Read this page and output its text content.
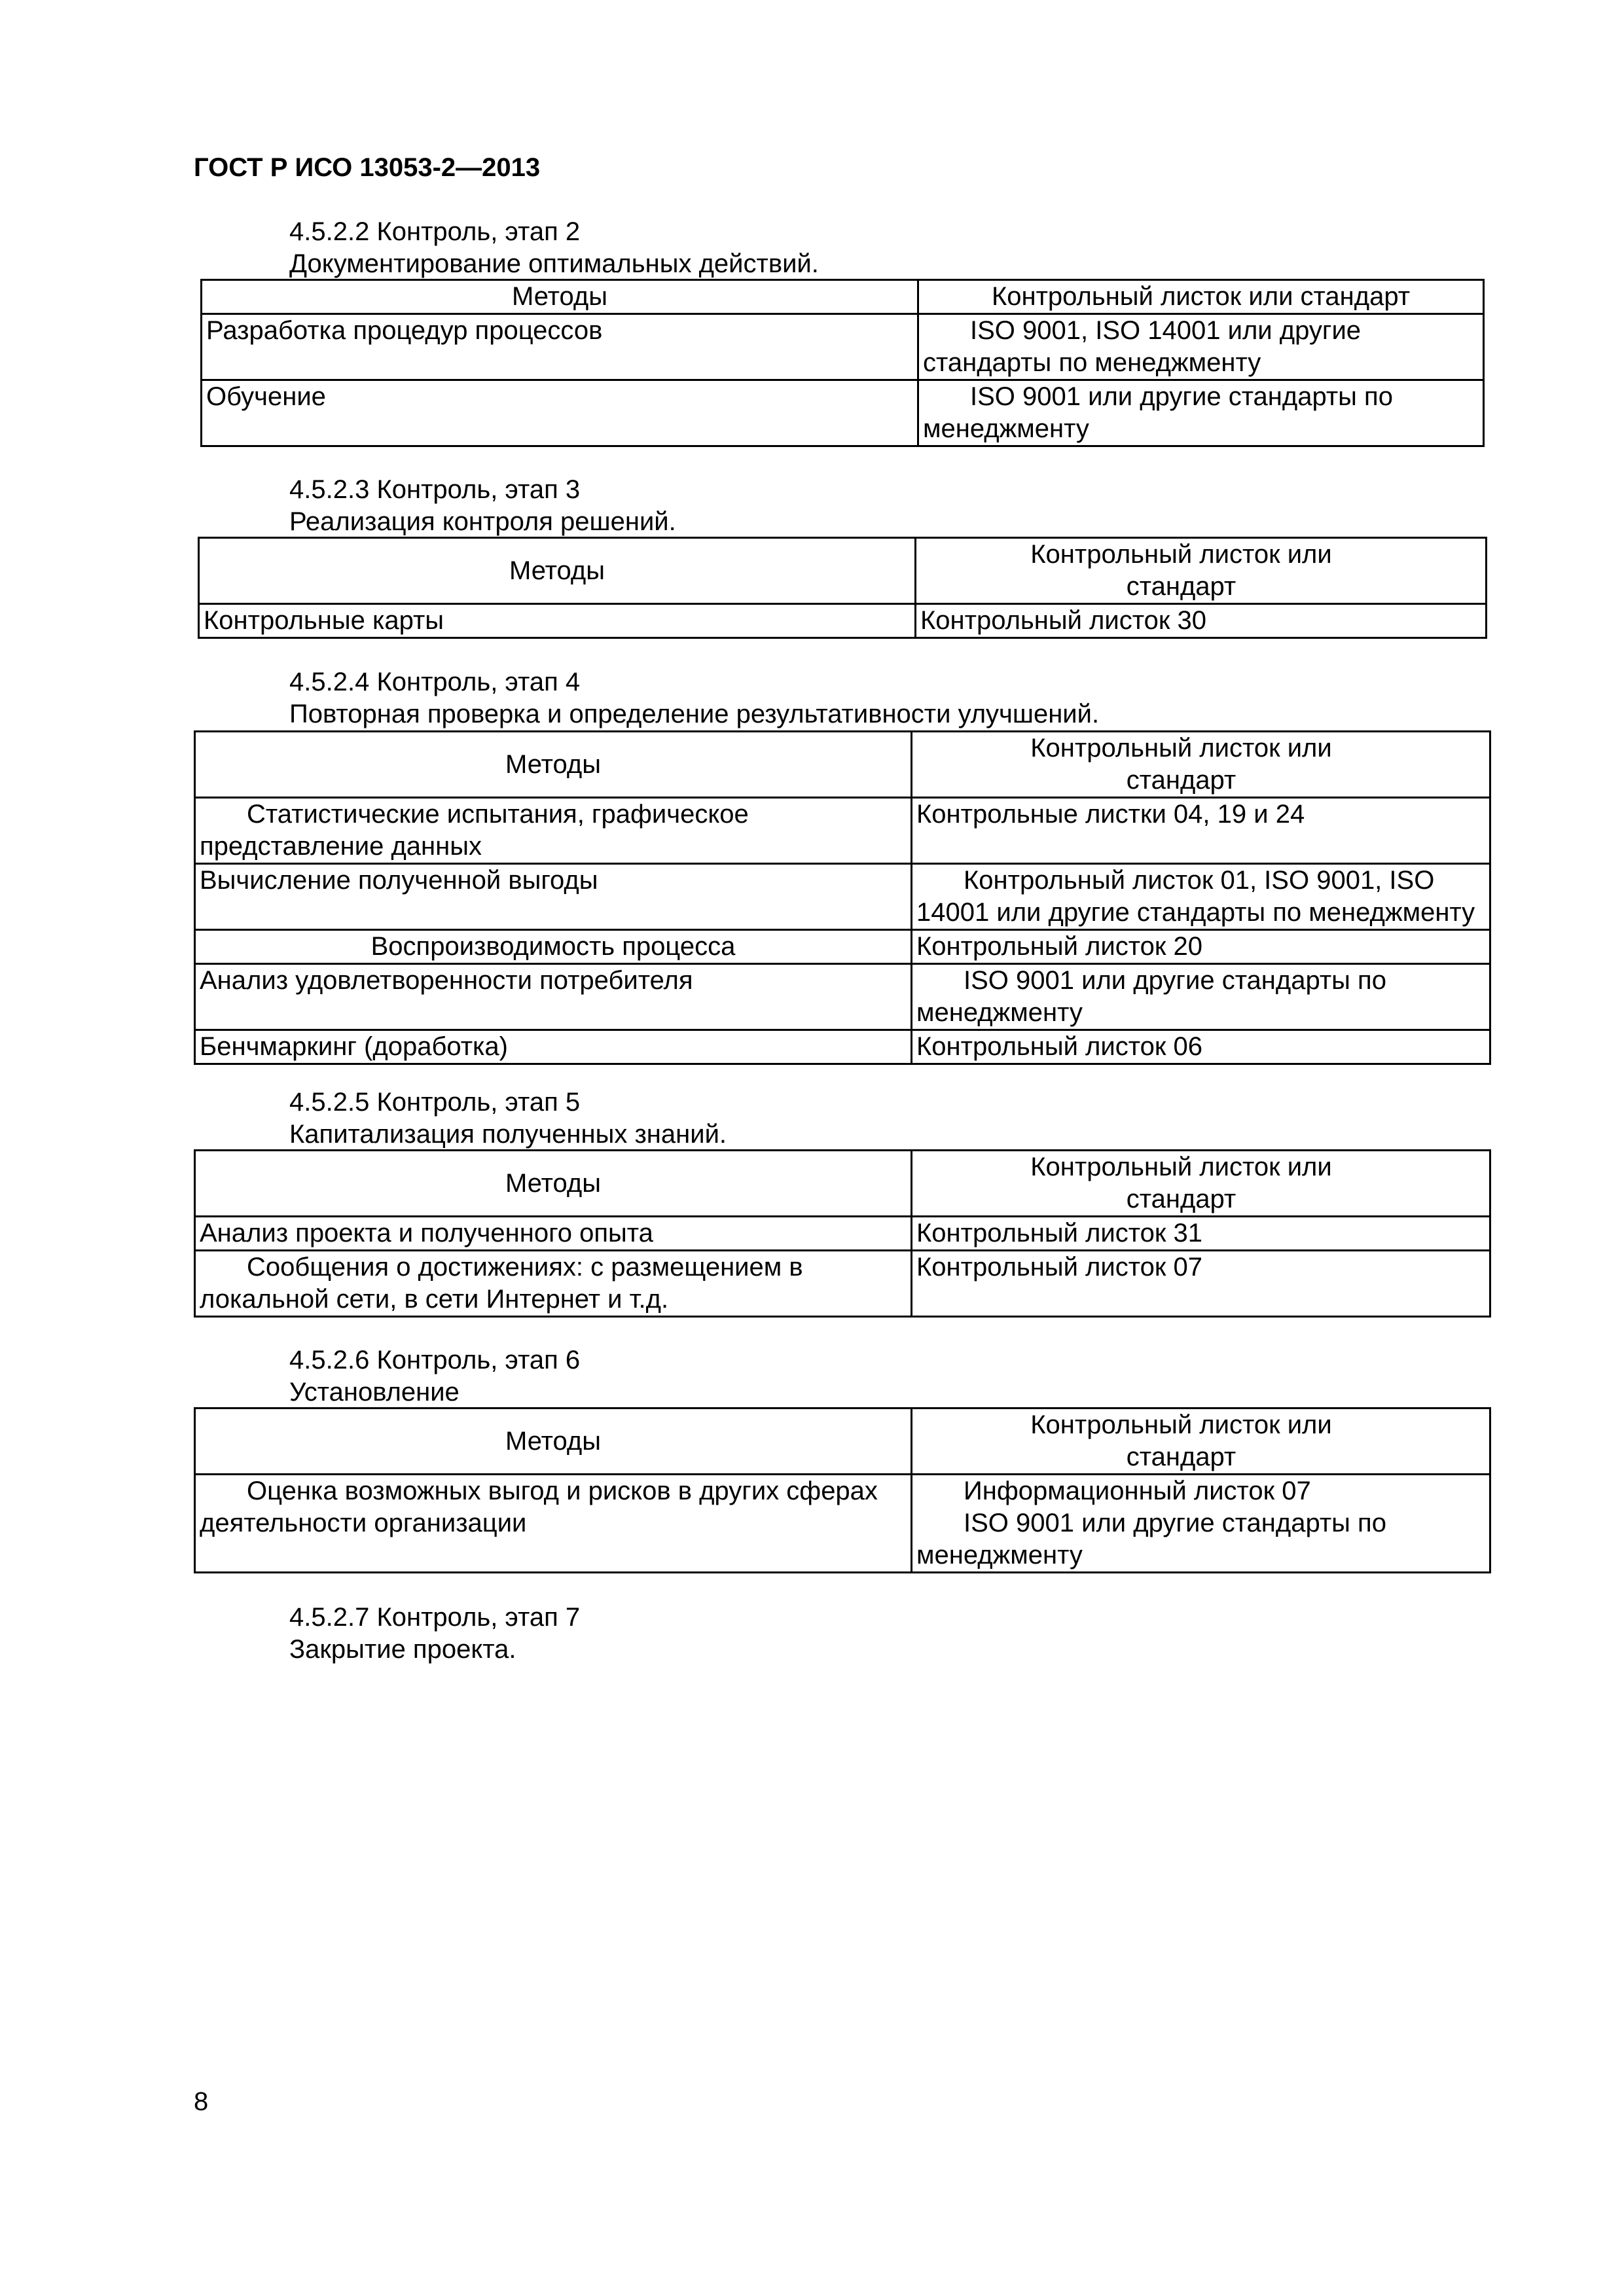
ГОСТ Р ИСО 13053-2—2013

4.5.2.2 Контроль, этап 2
Документирование оптимальных действий.
Методы	Контрольный листок или стандарт
Разработка процедур процессов	ISO 9001, ISO 14001 или другие стандарты по менеджменту

Обучение	ISO 9001 или другие стандарты по менеджменту
4.5.2.3 Контроль, этап 3
Реализация контроля решений.
Методы	Контрольный листок или стандарт
Контрольные карты	Контрольный листок 30
4.5.2.4 Контроль, этап 4
Повторная проверка и определение результативности улучшений.
Методы	Контрольный листок или стандарт

Статистические испытания, графическое представление данных	Контрольные листки 04, 19 и 24
Вычисление полученной выгоды	Контрольный листок 01, ISO 9001, ISO 14001 или другие стандарты по менеджменту

Воспроизводимость процесса	Контрольный листок 20
Анализ удовлетворенности потребителя	ISO 9001 или другие стандарты по менеджменту

Бенчмаркинг (доработка)	Контрольный листок 06
4.5.2.5 Контроль, этап 5
Капитализация полученных знаний.
Методы	Контрольный листок или стандарт
Анализ проекта и полученного опыта	Контрольный листок 31

Сообщения о достижениях: с размещением в локальной сети, в сети Интернет и т.д.	Контрольный листок 07
4.5.2.6 Контроль, этап 6
Установление
Методы	Контрольный листок или стандарт

Оценка возможных выгод и рисков в других сферах деятельности организации	Информационный листок 07
ISO 9001 или другие стандарты по менеджменту
4.5.2.7 Контроль, этап 7
Закрытие проекта.

8
